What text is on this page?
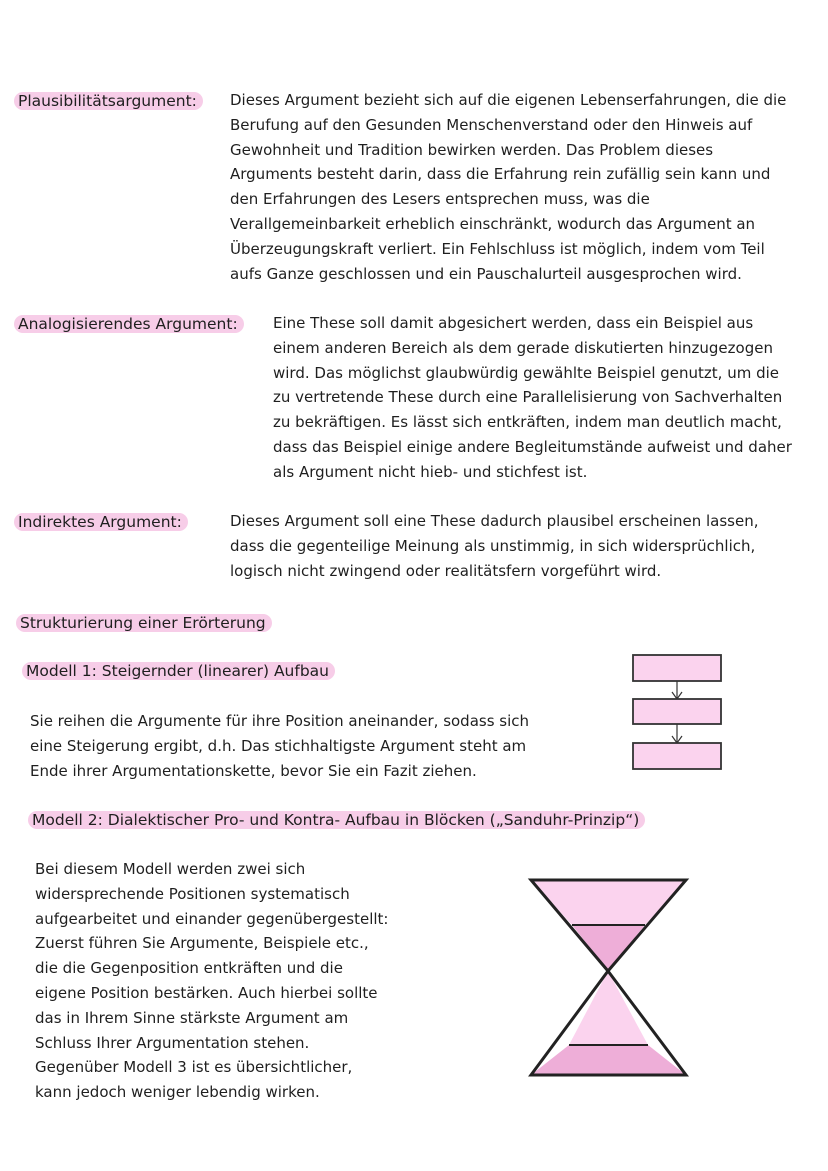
Plausibilitätsargument:	Dieses Argument bezieht sich auf die eigenen Lebenserfahrungen, die die

Berufung auf den Gesunden Menschenverstand oder den Hinweis auf

Gewohnheit und Tradition bewirken werden. Das Problem dieses

Arguments besteht darin, dass die Erfahrung rein zufällig sein kann und

den Erfahrungen des Lesers entsprechen muss, was die

Verallgemeinbarkeit erheblich einschränkt, wodurch das Argument an

Überzeugungskraft verliert. Ein Fehlschluss ist möglich, indem vom Teil

aufs Ganze geschlossen und ein Pauschalurteil ausgesprochen wird.

Analogisierendes Argument:	Eine These soll damit abgesichert werden, dass ein Beispiel aus

einem anderen Bereich als dem gerade diskutierten hinzugezogen

wird. Das möglichst glaubwürdig gewählte Beispiel genutzt, um die

zu vertretende These durch eine Parallelisierung von Sachverhalten

zu bekräftigen. Es lässt sich entkräften, indem man deutlich macht,

dass das Beispiel einige andere Begleitumstände aufweist und daher

als Argument nicht hieb- und stichfest ist.

Indirektes Argument:	Dieses Argument soll eine These dadurch plausibel erscheinen lassen,

dass die gegenteilige Meinung als unstimmig, in sich widersprüchlich,

logisch nicht zwingend oder realitätsfern vorgeführt wird.

Strukturierung einer Erörterung
Modell 1: Steigernder (linearer) Aufbau

Sie reihen die Argumente für ihre Position aneinander, sodass sich

eine Steigerung ergibt, d.h. Das stichhaltigste Argument steht am

Ende ihrer Argumentationskette, bevor Sie ein Fazit ziehen.

Modell 2: Dialektischer Pro- und Kontra- Aufbau in Blöcken („Sanduhr-Prinzip“)

Bei diesem Modell werden zwei sich

widersprechende Positionen systematisch

aufgearbeitet und einander gegenübergestellt:

Zuerst führen Sie Argumente, Beispiele etc.,

die die Gegenposition entkräften und die

eigene Position bestärken. Auch hierbei sollte

das in Ihrem Sinne stärkste Argument am

Schluss Ihrer Argumentation stehen.

Gegenüber Modell 3 ist es übersichtlicher,

kann jedoch weniger lebendig wirken.
